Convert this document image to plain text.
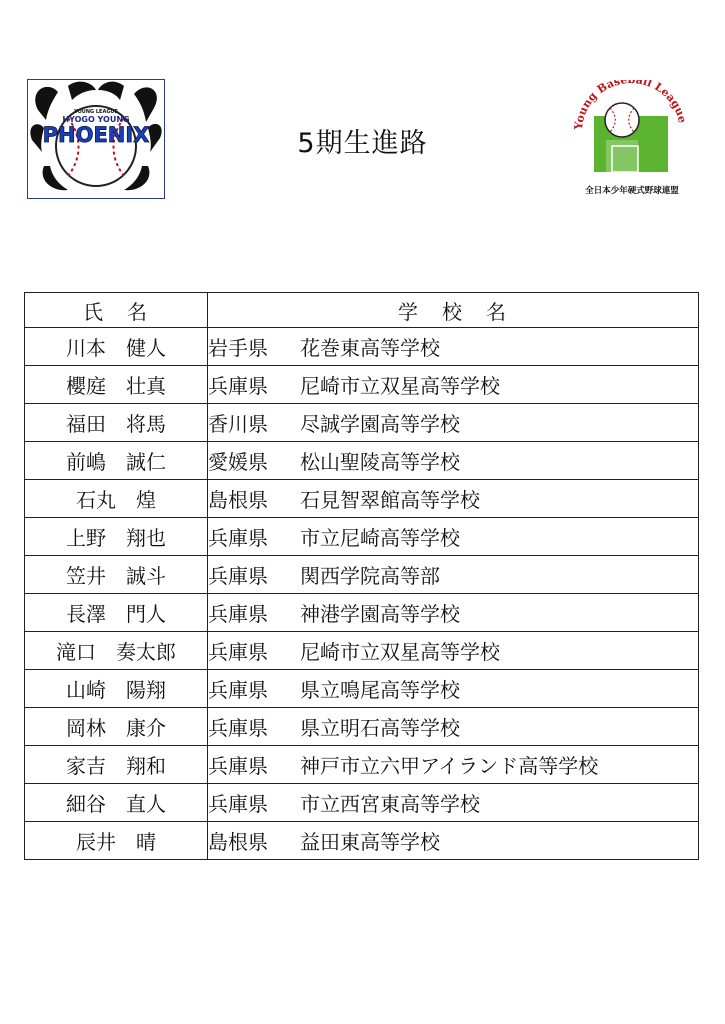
YOUNG LEAGUE
HYOGO YOUNG
PHOENIX	5期生進路
Young Base all League
全日本少年硬式野球連盟
氏　名	学　校　名
川本　健人	岩手県 花巻東高等学校
櫻庭　壮真	兵庫県 尼崎市立双星高等学校
福田　将馬	香川県 尽誠学園高等学校
前嶋　誠仁	愛媛県 松山聖陵高等学校
石丸　煌	島根県 石見智翠館高等学校
上野　翔也	兵庫県 市立尼崎高等学校
笠井　誠斗	兵庫県 関西学院高等部
長澤　門人	兵庫県 神港学園高等学校
滝口　奏太郎	兵庫県 尼崎市立双星高等学校
山崎　陽翔	兵庫県 県立鳴尾高等学校
岡林　康介	兵庫県 県立明石高等学校
家吉　翔和	兵庫県 神戸市立六甲アイランド高等学校
細谷　直人	兵庫県 市立西宮東高等学校
辰井　晴	島根県 益田東高等学校
